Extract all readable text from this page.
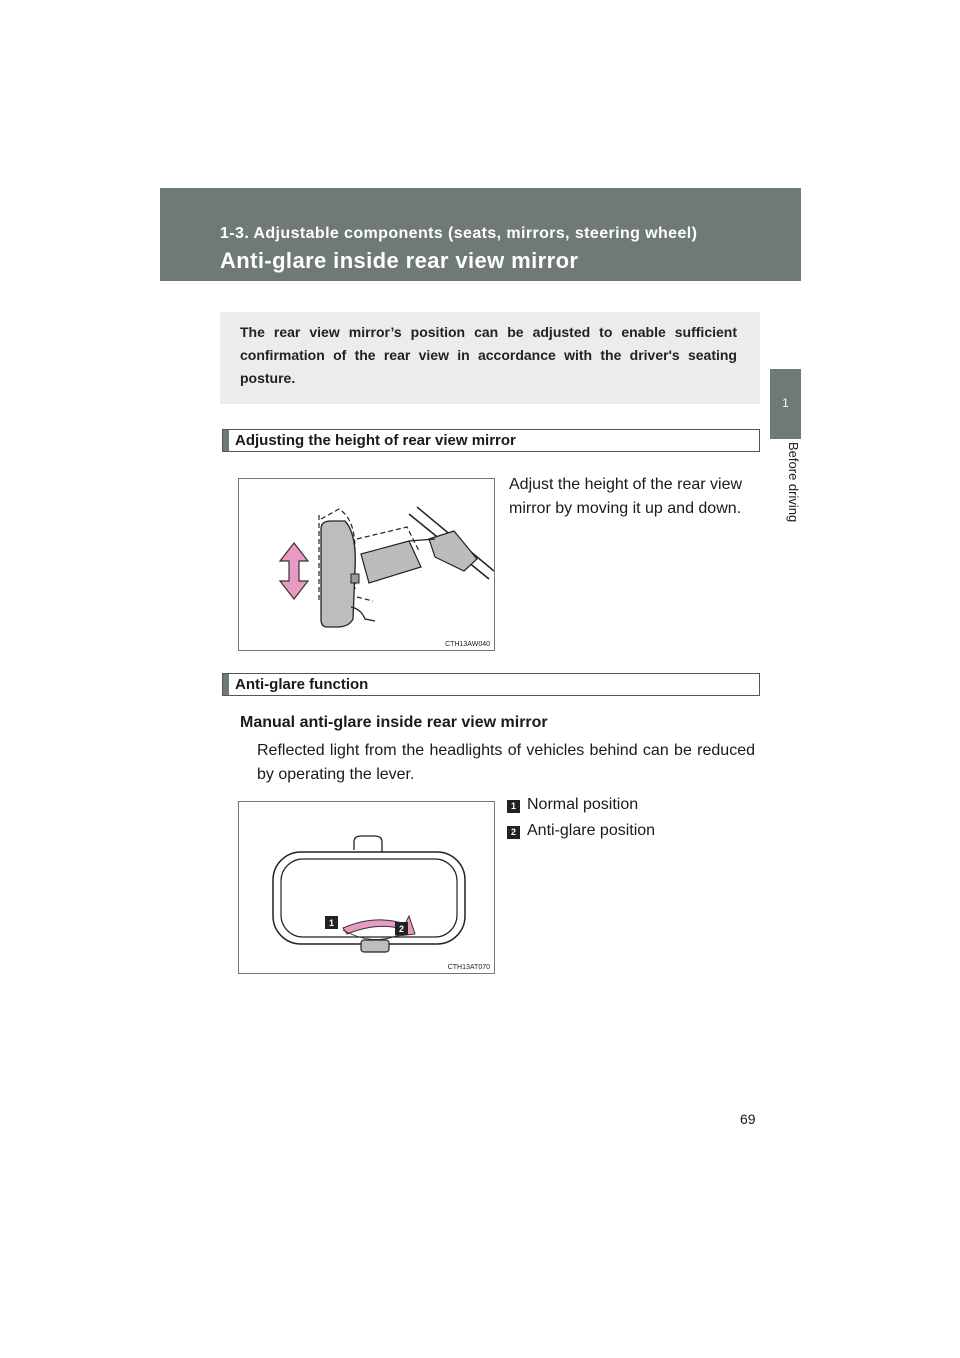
1-3. Adjustable components (seats, mirrors, steering wheel)
Anti-glare inside rear view mirror
1
Before driving

The rear view mirror’s position can be adjusted to enable sufficient confirmation of the rear view in accordance with the driver's seating posture.

Adjusting the height of rear view mirror
CTH13AW040
Adjust the height of the rear view mirror by moving it up and down.
Anti-glare function
Manual anti-glare inside rear view mirror
Reflected light from the headlights of vehicles behind can be reduced by operating the lever.
1
2
CTH13AT070
1 Normal position
2 Anti-glare position
69
